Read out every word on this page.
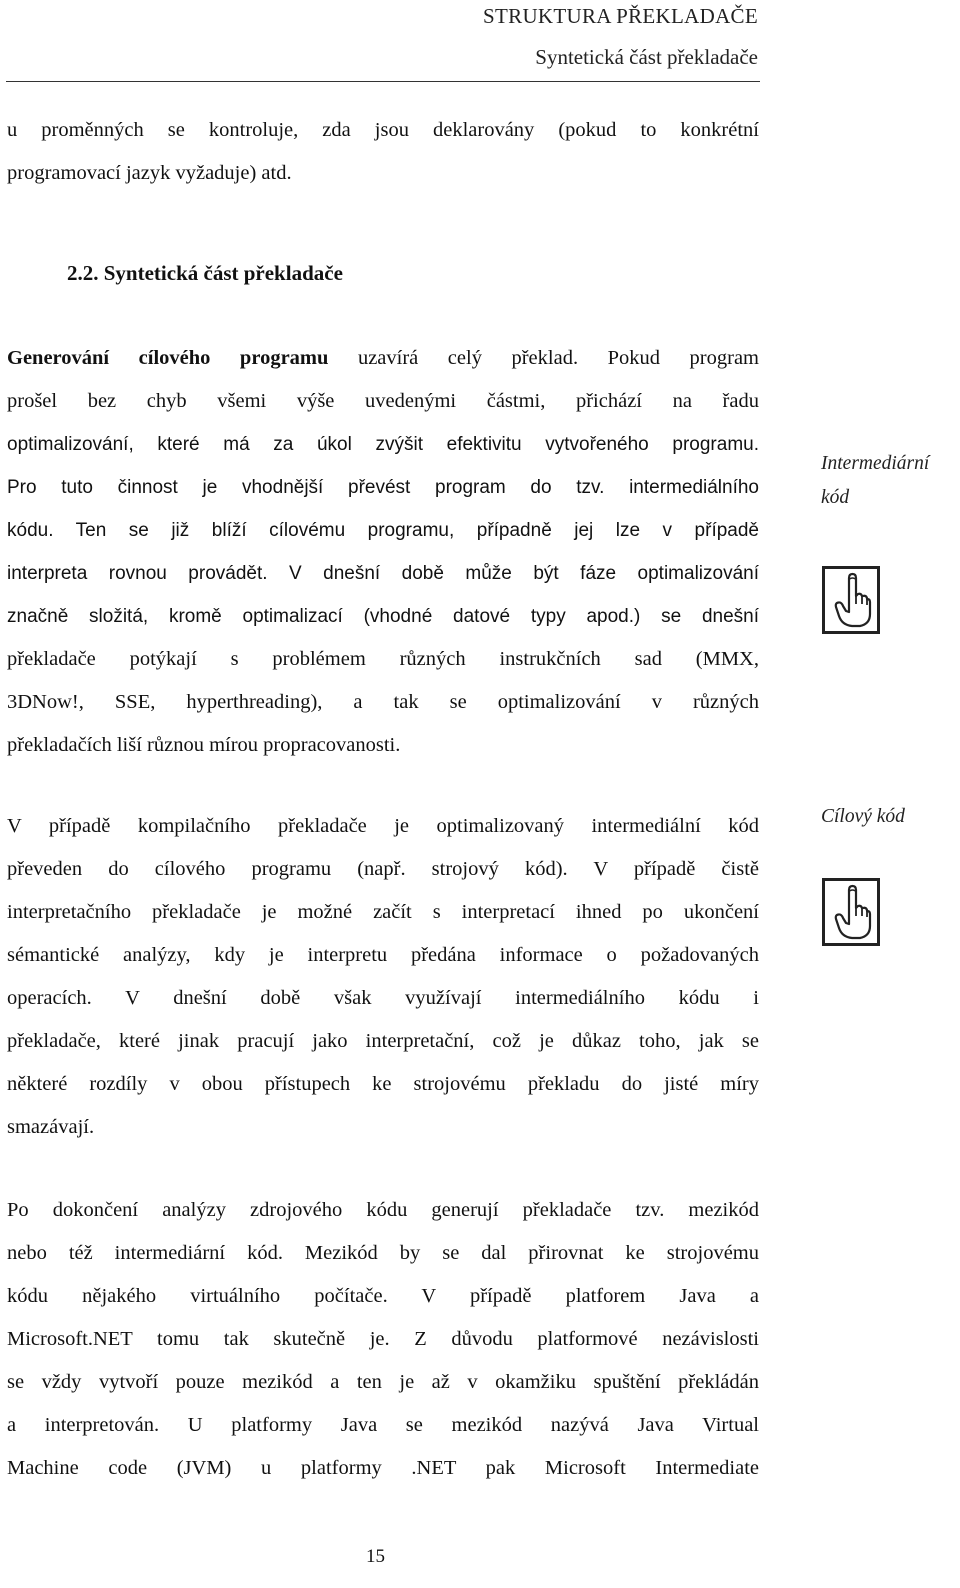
STRUKTURA PŘEKLADAČE
Syntetická část překladače
u proměnných se kontroluje, zda jsou deklarovány (pokud to konkrétní
programovací jazyk vyžaduje) atd.
2.2. Syntetická část překladače
Generování cílového programu uzavírá celý překlad. Pokud program
prošel bez chyb všemi výše uvedenými částmi, přichází na řadu
optimalizování, které má za úkol zvýšit efektivitu vytvořeného programu.
Pro tuto činnost je vhodnější převést program do tzv. intermediálního
kódu. Ten se již blíží cílovému programu, případně jej lze v případě
interpreta rovnou provádět. V dnešní době může být fáze optimalizování
značně složitá, kromě optimalizací (vhodné datové typy apod.) se dnešní
překladače potýkají s problémem různých instrukčních sad (MMX,
3DNow!, SSE, hyperthreading), a tak se optimalizování v různých
překladačích liší různou mírou propracovanosti.
V případě kompilačního překladače je optimalizovaný intermediální kód
převeden do cílového programu (např. strojový kód). V případě čistě
interpretačního překladače je možné začít s interpretací ihned po ukončení
sémantické analýzy, kdy je interpretu předána informace o požadovaných
operacích. V dnešní době však využívají intermediálního kódu i
překladače, které jinak pracují jako interpretační, což je důkaz toho, jak se
některé rozdíly v obou přístupech ke strojovému překladu do jisté míry
smazávají.
Po dokončení analýzy zdrojového kódu generují překladače tzv. mezikód
nebo též intermediární kód. Mezikód by se dal přirovnat ke strojovému
kódu nějakého virtuálního počítače. V případě platforem Java a
Microsoft.NET tomu tak skutečně je. Z důvodu platformové nezávislosti
se vždy vytvoří pouze mezikód a ten je až v okamžiku spuštění překládán
a interpretován. U platformy Java se mezikód nazývá Java Virtual
Machine code (JVM) u platformy .NET pak Microsoft Intermediate
Intermediární
kód
Cílový kód
15
